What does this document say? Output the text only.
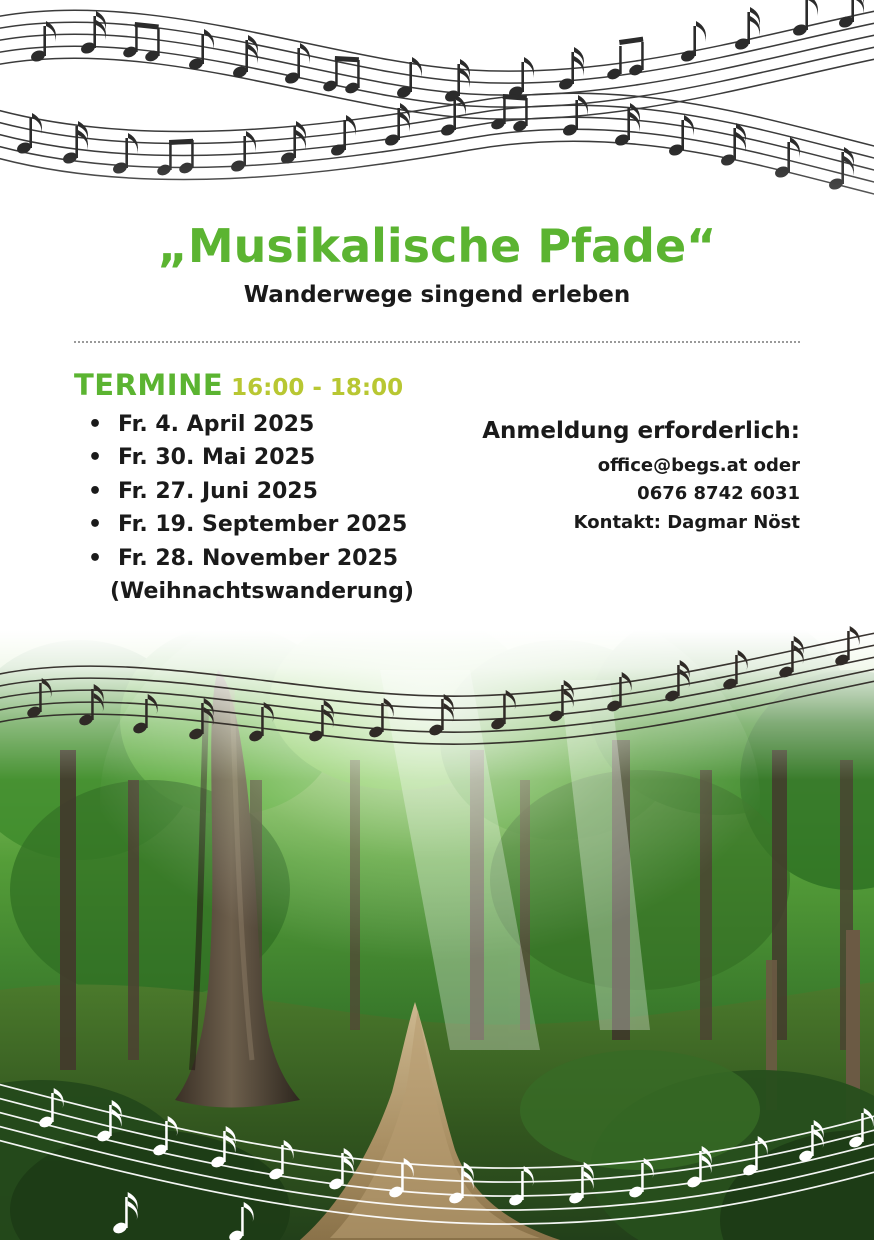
„Musikalische Pfade“
Wanderwege singend erleben
TERMINE 16:00 - 18:00
• Fr. 4. April 2025
• Fr. 30. Mai 2025
• Fr. 27. Juni 2025
• Fr. 19. September 2025
• Fr. 28. November 2025

(Weihnachtswanderung)

Anmeldung erforderlich:

office@begs.at oder

0676 8742 6031

Kontakt: Dagmar Nöst
